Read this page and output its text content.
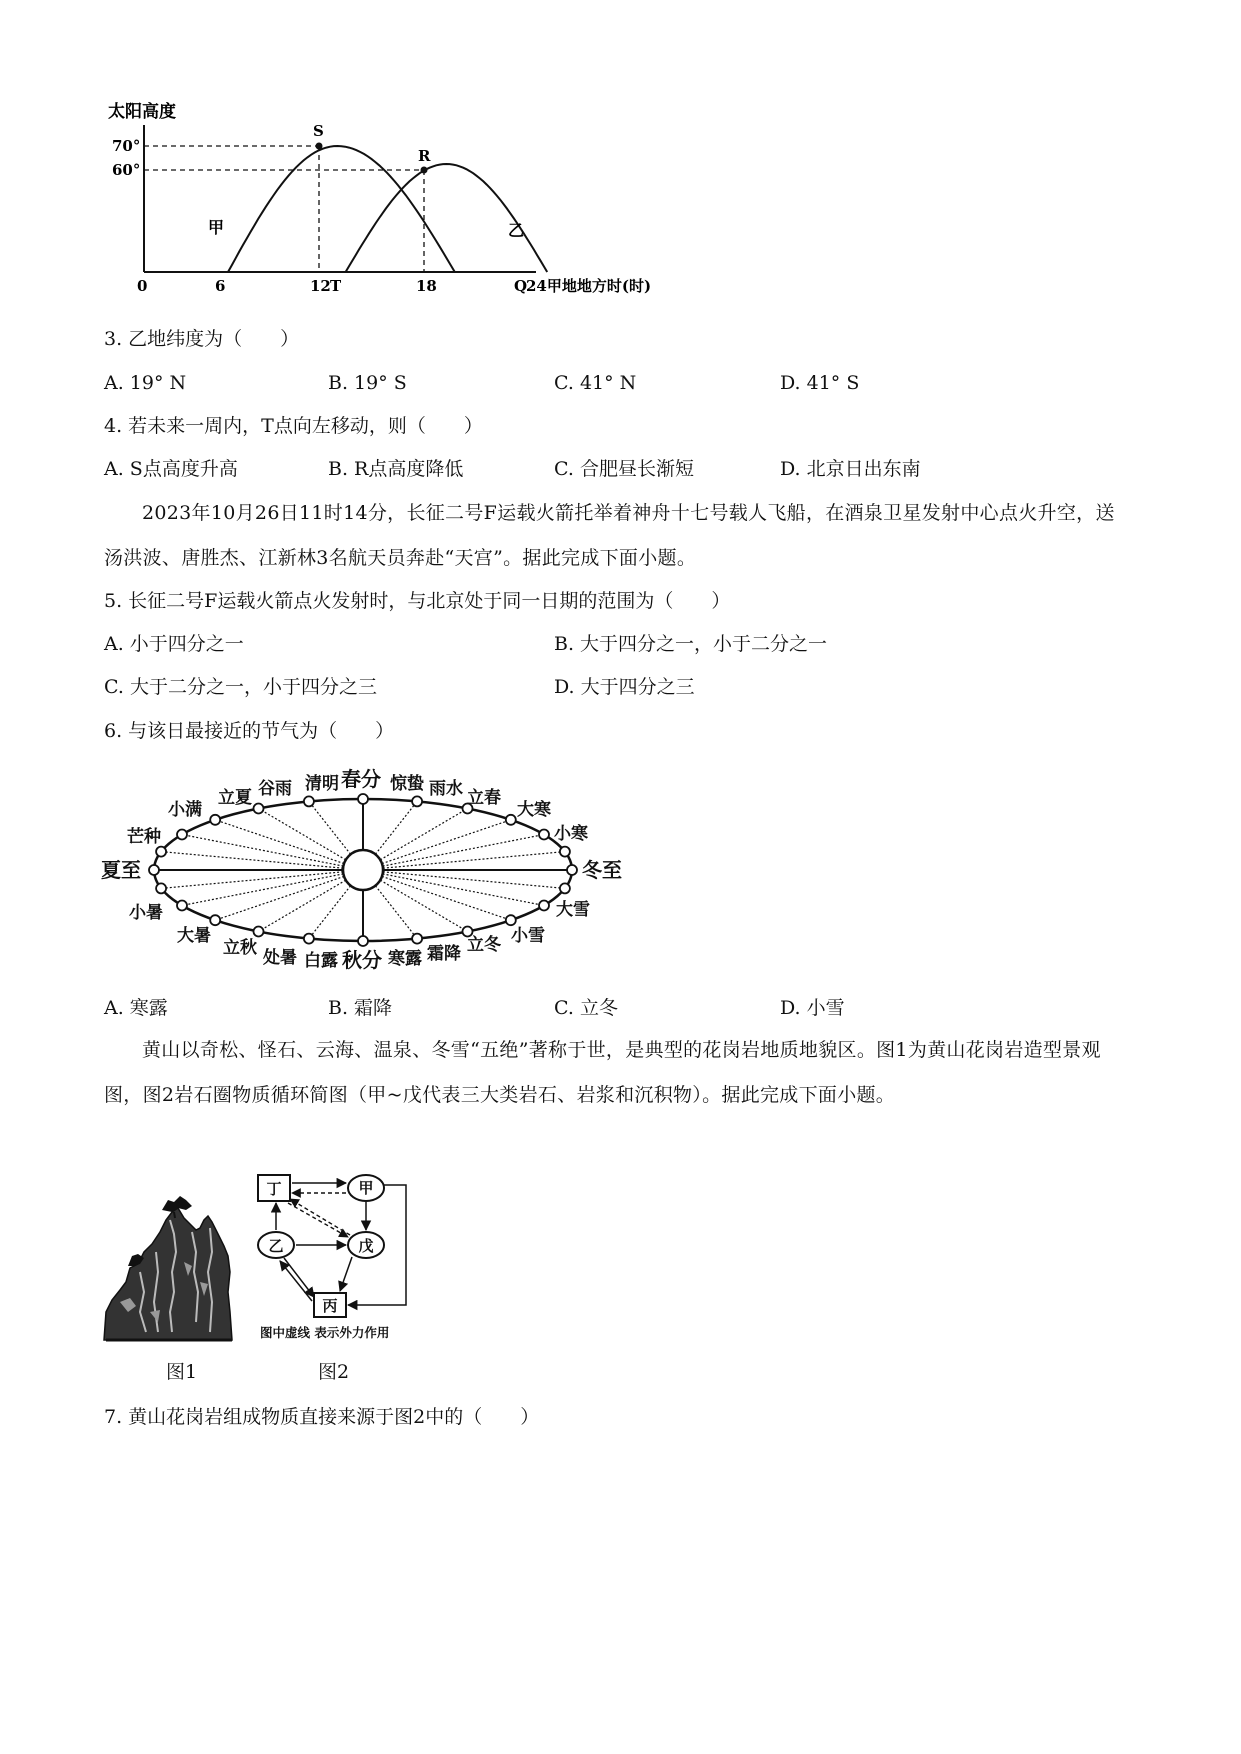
太阳高度
70°
60°
S
R
甲	乙
0	6	12 T	18	Q
24甲地地方时(时)
3. 乙地纬度为（　　）
A. 19° N	B. 19° S	C. 41° N	D. 41° S
4. 若未来一周内，T点向左移动，则（　　）
A. S点高度升高	B. R点高度降低	C. 合肥昼长渐短	D. 北京日出东南
2023年10月26日11时14分，长征二号F运载火箭托举着神舟十七号载人飞船，在酒泉卫星发射中心点火升空，送汤洪波、唐胜杰、江新林3名航天员奔赴“天宫”。据此完成下面小题。
5. 长征二号F运载火箭点火发射时，与北京处于同一日期的范围为（　　）
A. 小于四分之一	B. 大于四分之一，小于二分之一
C. 大于二分之一，小于四分之三	D. 大于四分之三
6. 与该日最接近的节气为（　　）
立夏 谷雨 清明 春分 惊蛰 雨水 立春
小满
芒种
大寒
小寒
夏至	冬至
小暑
大暑
大雪
小雪
立秋 处暑 白露 秋分 寒露 霜降 立冬
A. 寒露	B. 霜降	C. 立冬	D. 小雪
黄山以奇松、怪石、云海、温泉、冬雪“五绝”著称于世，是典型的花岗岩地质地貌区。图1为黄山花岗岩造型景观图，图2岩石圈物质循环简图（甲~戊代表三大类岩石、岩浆和沉积物）。据此完成下面小题。
图1
丁	甲
乙	戊
丙
图中虚线 表示外力作用
图2
7. 黄山花岗岩组成物质直接来源于图2中的（　　）
